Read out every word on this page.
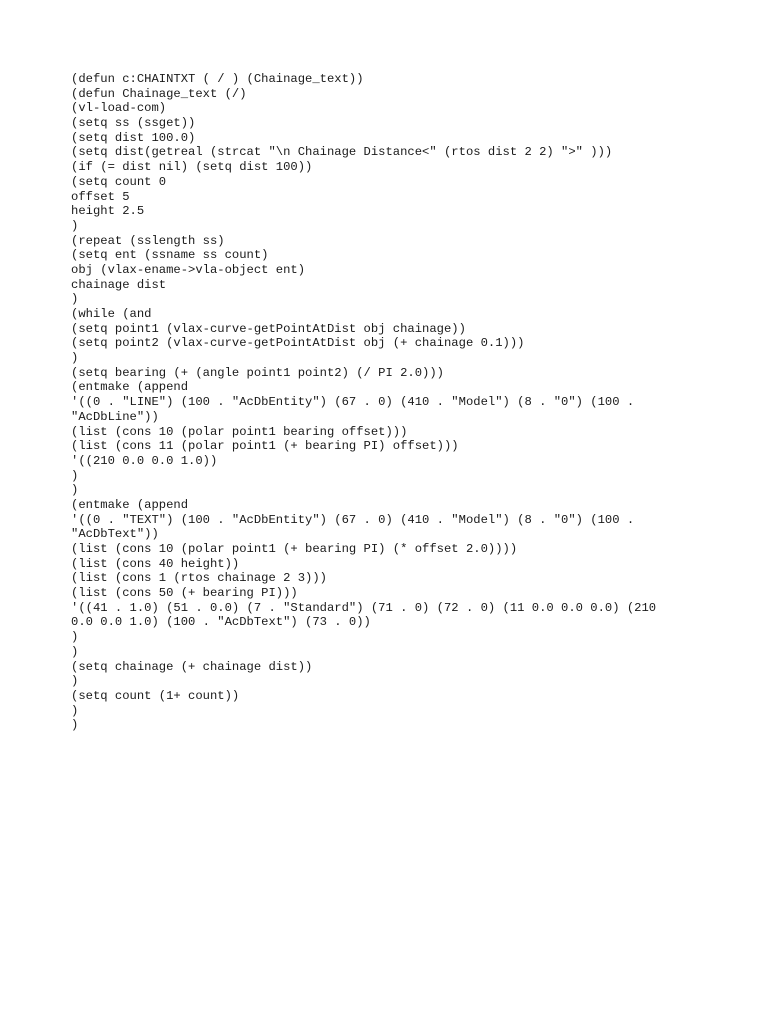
(defun c:CHAINTXT ( / ) (Chainage_text))
(defun Chainage_text (/)
(vl-load-com)
(setq ss (ssget))
(setq dist 100.0)
(setq dist(getreal (strcat "\n Chainage Distance<" (rtos dist 2 2) ">" )))
(if (= dist nil) (setq dist 100))
(setq count 0
offset 5
height 2.5
)
(repeat (sslength ss)
(setq ent (ssname ss count)
obj (vlax-ename->vla-object ent)
chainage dist
)
(while (and
(setq point1 (vlax-curve-getPointAtDist obj chainage))
(setq point2 (vlax-curve-getPointAtDist obj (+ chainage 0.1)))
)
(setq bearing (+ (angle point1 point2) (/ PI 2.0)))
(entmake (append
'((0 . "LINE") (100 . "AcDbEntity") (67 . 0) (410 . "Model") (8 . "0") (100 .
"AcDbLine"))
(list (cons 10 (polar point1 bearing offset)))
(list (cons 11 (polar point1 (+ bearing PI) offset)))
'((210 0.0 0.0 1.0))
)
)
(entmake (append
'((0 . "TEXT") (100 . "AcDbEntity") (67 . 0) (410 . "Model") (8 . "0") (100 .
"AcDbText"))
(list (cons 10 (polar point1 (+ bearing PI) (* offset 2.0))))
(list (cons 40 height))
(list (cons 1 (rtos chainage 2 3)))
(list (cons 50 (+ bearing PI)))
'((41 . 1.0) (51 . 0.0) (7 . "Standard") (71 . 0) (72 . 0) (11 0.0 0.0 0.0) (210
0.0 0.0 1.0) (100 . "AcDbText") (73 . 0))
)
)
(setq chainage (+ chainage dist))
)
(setq count (1+ count))
)
)
